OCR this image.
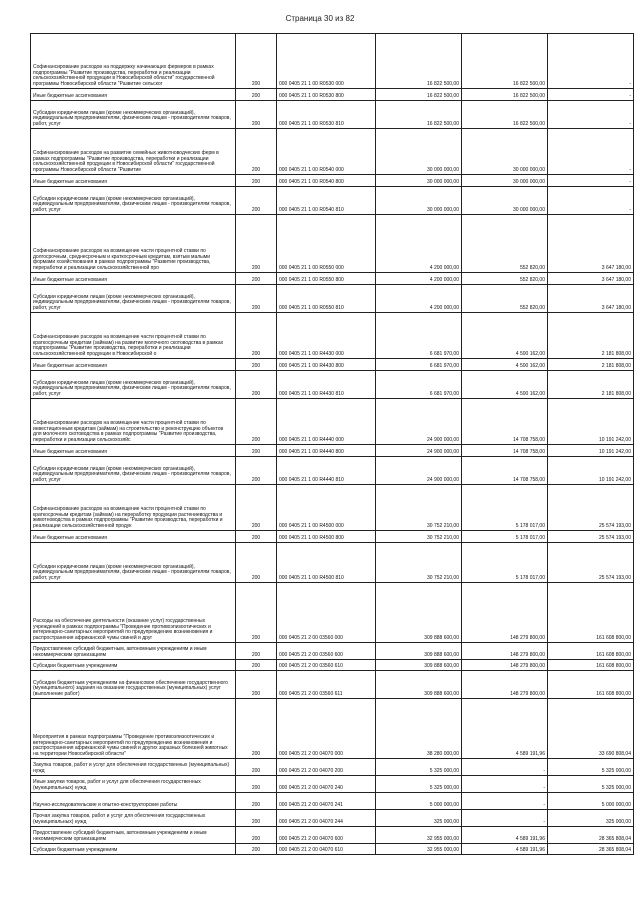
Страница 30 из 82
Софинансирование расходов на поддержку начинающих фермеров в рамках подпрограммы "Развитие производства, переработки и реализации сельскохозяйственной продукции в Новосибирской области" государственной программы Новосибирской области "Развитие сельског	200	000 0405 21 1 00 R0530 000	16 822 500,00	16 822 500,00	-
Иные бюджетные ассигнования	200	000 0405 21 1 00 R0530 800	16 822 500,00	16 822 500,00	-
Субсидии юридическим лицам (кроме некоммерческих организаций), индивидуальным предпринимателям, физическим лицам - производителям товаров, работ, услуг	200	000 0405 21 1 00 R0530 810	16 822 500,00	16 822 500,00	-
Софинансирование расходов на развитие семейных животноводческих ферм в рамках подпрограммы "Развитие производства, переработки и реализации сельскохозяйственной продукции в Новосибирской области" государственной программы Новосибирской области "Развитие	200	000 0405 21 1 00 R0540 000	30 000 000,00	30 000 000,00	-
Иные бюджетные ассигнования	200	000 0405 21 1 00 R0540 800	30 000 000,00	30 000 000,00	-
Субсидии юридическим лицам (кроме некоммерческих организаций), индивидуальным предпринимателям, физическим лицам - производителям товаров, работ, услуг	200	000 0405 21 1 00 R0540 810	30 000 000,00	30 000 000,00	-
Софинансирование расходов на возмещение части процентной ставки по долгосрочным, среднесрочным и краткосрочным кредитам, взятым малыми формами хозяйствования в рамках подпрограммы "Развитие производства, переработки и реализации сельскохозяйственной про	200	000 0405 21 1 00 R0550 000	4 200 000,00	552 820,00	3 647 180,00
Иные бюджетные ассигнования	200	000 0405 21 1 00 R0550 800	4 200 000,00	552 820,00	3 647 180,00
Субсидии юридическим лицам (кроме некоммерческих организаций), индивидуальным предпринимателям, физическим лицам - производителям товаров, работ, услуг	200	000 0405 21 1 00 R0550 810	4 200 000,00	552 820,00	3 647 180,00
Софинансирование расходов на возмещение части процентной ставки по краткосрочным кредитам (займам) на развитие молочного скотоводства в рамках подпрограммы "Развитие производства, переработки и реализации сельскохозяйственной продукции в Новосибирской о	200	000 0405 21 1 00 R4430 000	6 681 970,00	4 500 162,00	2 181 808,00
Иные бюджетные ассигнования	200	000 0405 21 1 00 R4430 800	6 681 970,00	4 500 162,00	2 181 808,00
Субсидии юридическим лицам (кроме некоммерческих организаций), индивидуальным предпринимателям, физическим лицам - производителям товаров, работ, услуг	200	000 0405 21 1 00 R4430 810	6 681 970,00	4 500 162,00	2 181 808,00
Софинансирование расходов на возмещение части процентной ставки по инвестиционным кредитам (займам) на строительство и реконструкцию объектов для молочного скотоводства в рамках подпрограммы "Развитие производства, переработки и реализации сельскохозяйс	200	000 0405 21 1 00 R4440 000	24 900 000,00	14 708 758,00	10 191 242,00
Иные бюджетные ассигнования	200	000 0405 21 1 00 R4440 800	24 900 000,00	14 708 758,00	10 191 242,00
Субсидии юридическим лицам (кроме некоммерческих организаций), индивидуальным предпринимателям, физическим лицам - производителям товаров, работ, услуг	200	000 0405 21 1 00 R4440 810	24 900 000,00	14 708 758,00	10 191 242,00
Софинансирование расходов на возмещение части процентной ставки по краткосрочным кредитам (займам) на переработку продукции растениеводства и животноводства в рамках подпрограммы "Развитие производства, переработки и реализации сельскохозяйственной продук	200	000 0405 21 1 00 R4500 000	30 752 210,00	5 178 017,00	25 574 193,00
Иные бюджетные ассигнования	200	000 0405 21 1 00 R4500 800	30 752 210,00	5 178 017,00	25 574 193,00
Субсидии юридическим лицам (кроме некоммерческих организаций), индивидуальным предпринимателям, физическим лицам - производителям товаров, работ, услуг	200	000 0405 21 1 00 R4500 810	30 752 210,00	5 178 017,00	25 574 193,00
Расходы на обеспечение деятельности (оказание услуг) государственных учреждений в рамках подпрограммы "Проведение противоэпизоотических и ветеринарно-санитарных мероприятий по предупреждению возникновения и распространения африканской чумы свиней и друг	200	000 0405 21 2 00 03560 000	309 888 600,00	148 279 800,00	161 608 800,00
Предоставление субсидий бюджетным, автономным учреждениям и иным некоммерческим организациям	200	000 0405 21 2 00 03560 600	309 888 600,00	148 279 800,00	161 608 800,00
Субсидии бюджетным учреждениям	200	000 0405 21 2 00 03560 610	309 888 600,00	148 279 800,00	161 608 800,00
Субсидии бюджетным учреждениям на финансовое обеспечение государственного (муниципального) задания на оказание государственных (муниципальных) услуг (выполнение работ)	200	000 0405 21 2 00 03560 611	309 888 600,00	148 279 800,00	161 608 800,00
Мероприятия в рамках подпрограммы "Проведение противоэпизоотических и ветеринарно-санитарных мероприятий по предупреждению возникновения и распространения африканской чумы свиней и других заразных болезней животных на территории Новосибирской области"	200	000 0405 21 2 00 04070 000	38 280 000,00	4 589 191,96	33 690 808,04
Закупка товаров, работ и услуг для обеспечения государственных (муниципальных) нужд	200	000 0405 21 2 00 04070 200	5 325 000,00	-	5 325 000,00
Иные закупки товаров, работ и услуг для обеспечения государственных (муниципальных) нужд	200	000 0405 21 2 00 04070 240	5 325 000,00	-	5 325 000,00
Научно-исследовательские и опытно-конструкторские работы	200	000 0405 21 2 00 04070 241	5 000 000,00	-	5 000 000,00
Прочая закупка товаров, работ и услуг для обеспечения государственных (муниципальных) нужд	200	000 0405 21 2 00 04070 244	325 000,00	-	325 000,00
Предоставление субсидий бюджетным, автономным учреждениям и иным некоммерческим организациям	200	000 0405 21 2 00 04070 600	32 955 000,00	4 589 191,96	28 365 808,04
Субсидии бюджетным учреждениям	200	000 0405 21 2 00 04070 610	32 955 000,00	4 589 191,96	28 365 808,04
